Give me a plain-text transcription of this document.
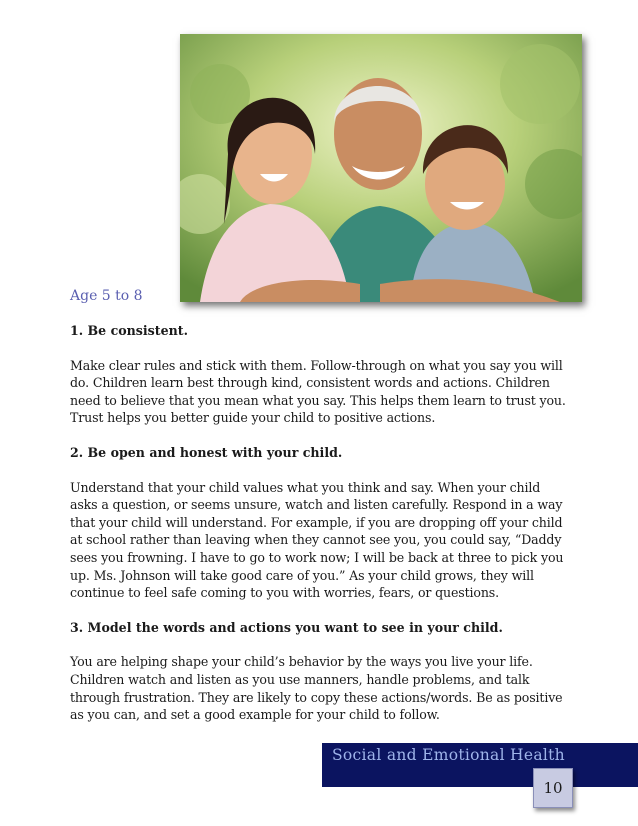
Age 5 to 8
1. Be consistent.
Make clear rules and stick with them. Follow-through on what you say you will do. Children learn best through kind, consistent words and actions. Children need to believe that you mean what you say. This helps them learn to trust you. Trust helps you better guide your child to positive actions.
2. Be open and honest with your child.
Understand that your child values what you think and say. When your child asks a question, or seems unsure, watch and listen carefully. Respond in a way that your child will understand. For example, if you are dropping off your child at school rather than leaving when they cannot see you, you could say, “Daddy sees you frowning. I have to go to work now; I will be back at three to pick you up. Ms. Johnson will take good care of you.” As your child grows, they will continue to feel safe coming to you with worries, fears, or questions.
3. Model the words and actions you want to see in your child.
You are helping shape your child’s behavior by the ways you live your life. Children watch and listen as you use manners, handle problems, and talk through frustration. They are likely to copy these actions/words. Be as positive as you can, and set a good example for your child to follow.
Social and Emotional Health
10
